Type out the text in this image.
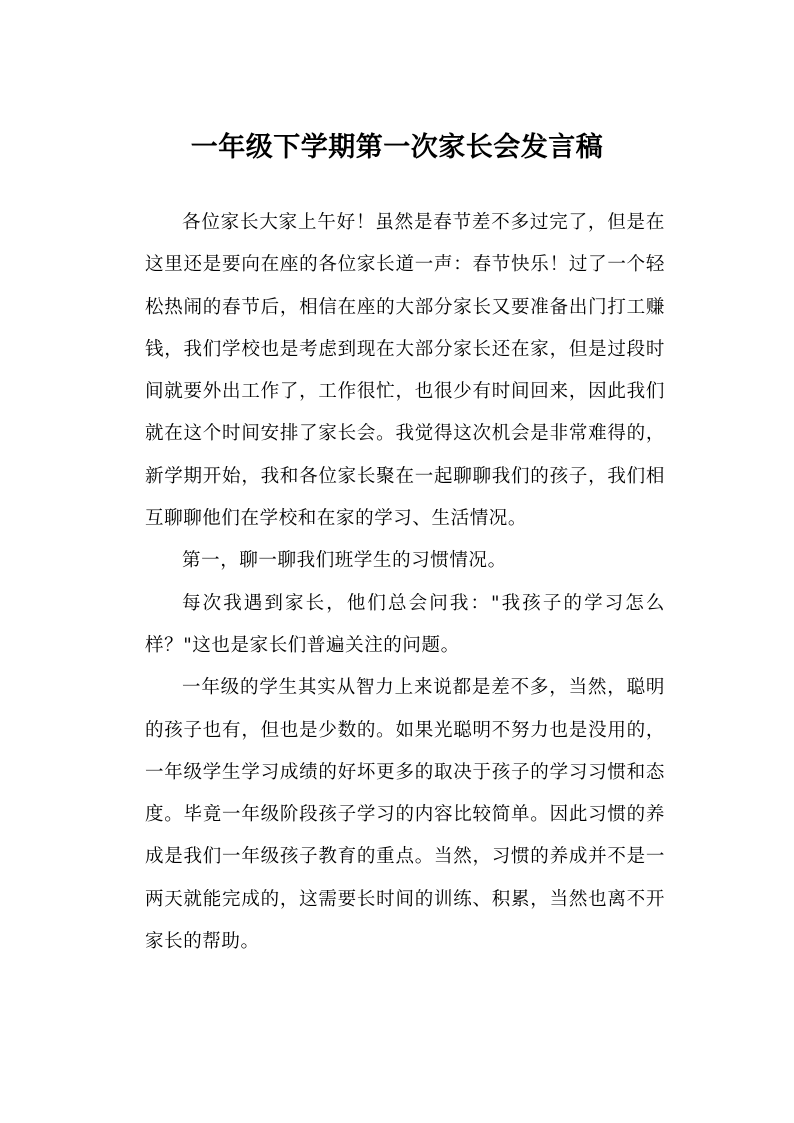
一年级下学期第一次家长会发言稿

各位家长大家上午好！虽然是春节差不多过完了，但是在这里还是要向在座的各位家长道一声：春节快乐！过了一个轻松热闹的春节后，相信在座的大部分家长又要准备出门打工赚钱，我们学校也是考虑到现在大部分家长还在家，但是过段时间就要外出工作了，工作很忙，也很少有时间回来，因此我们就在这个时间安排了家长会。我觉得这次机会是非常难得的，新学期开始，我和各位家长聚在一起聊聊我们的孩子，我们相互聊聊他们在学校和在家的学习、生活情况。

第一，聊一聊我们班学生的习惯情况。

每次我遇到家长，他们总会问我："我孩子的学习怎么样？"这也是家长们普遍关注的问题。

一年级的学生其实从智力上来说都是差不多，当然，聪明的孩子也有，但也是少数的。如果光聪明不努力也是没用的，一年级学生学习成绩的好坏更多的取决于孩子的学习习惯和态度。毕竟一年级阶段孩子学习的内容比较简单。因此习惯的养成是我们一年级孩子教育的重点。当然，习惯的养成并不是一两天就能完成的，这需要长时间的训练、积累，当然也离不开家长的帮助。
